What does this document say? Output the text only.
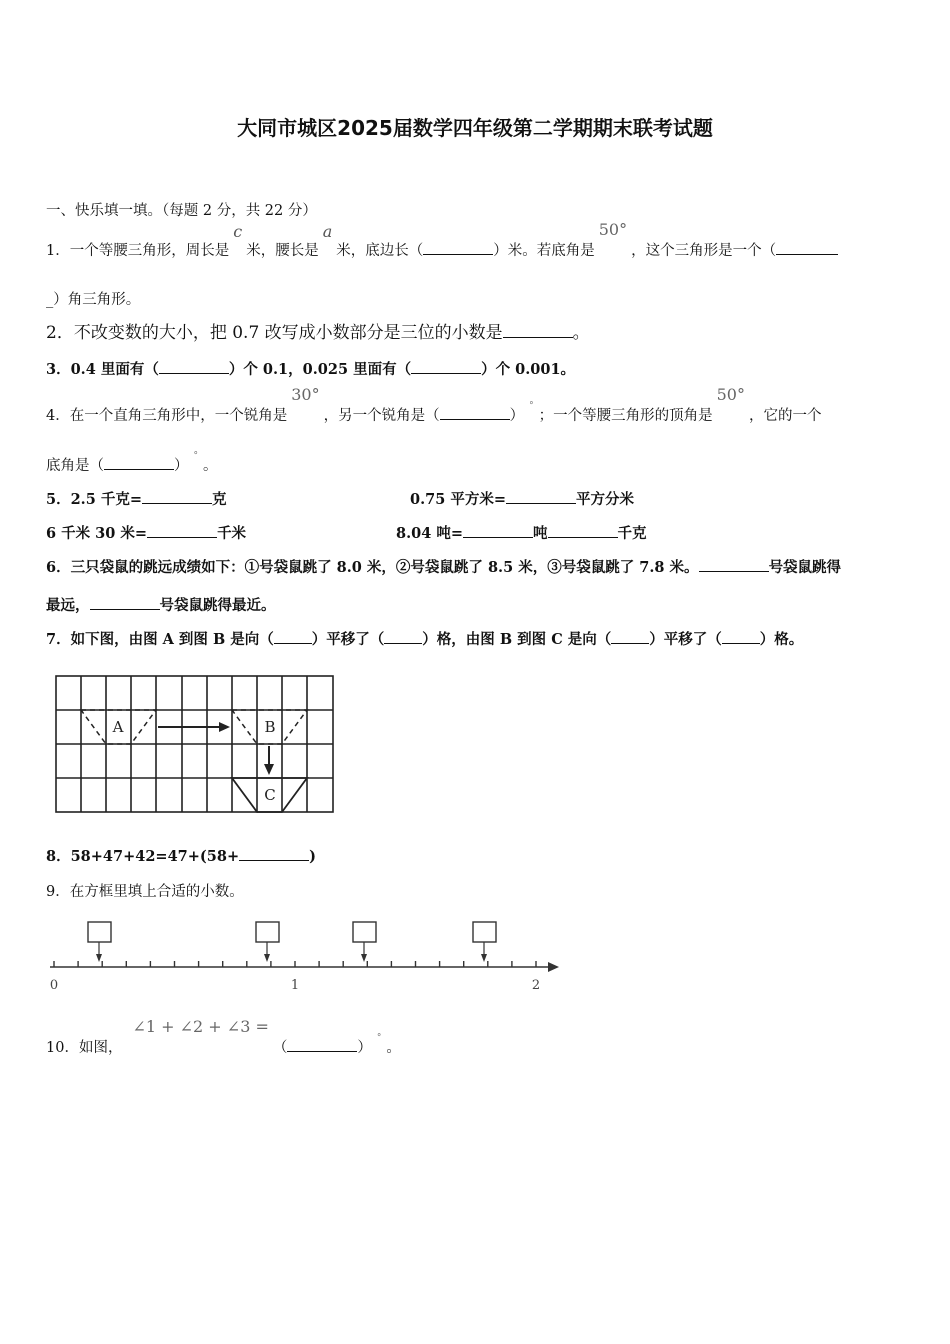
大同市城区2025届数学四年级第二学期期末联考试题
一、快乐填一填。（每题 2 分，共 22 分）
1．一个等腰三角形，周长是c米，腰长是a米，底边长（	）米。若底角是50°，这个三角形是一个（
_）角三角形。
2．不改变数的大小，把 0.7 改写成小数部分是三位的小数是	。
3．0.4 里面有（	）个 0.1，0.025 里面有（	）个 0.001。
4．在一个直角三角形中，一个锐角是30°，另一个锐角是（	）°；一个等腰三角形的顶角是50°，它的一个
底角是（	）°。
5．2.5 千克=	克	0.75 平方米=	平方分米
6 千米 30 米=	千米	8.04 吨=	吨	千克
6．三只袋鼠的跳远成绩如下：①号袋鼠跳了 8.0 米，②号袋鼠跳了 8.5 米，③号袋鼠跳了 7.8 米。	号袋鼠跳得
最远，	号袋鼠跳得最近。
7．如下图，由图 A 到图 B 是向（	）平移了（	）格，由图 B 到图 C 是向（	）平移了（	）格。
A	B
C
8．58+47+42=47+(58+	)
9．在方框里填上合适的小数。
0	1	2
10．如图，∠1 + ∠2 + ∠3 =（	）°。
